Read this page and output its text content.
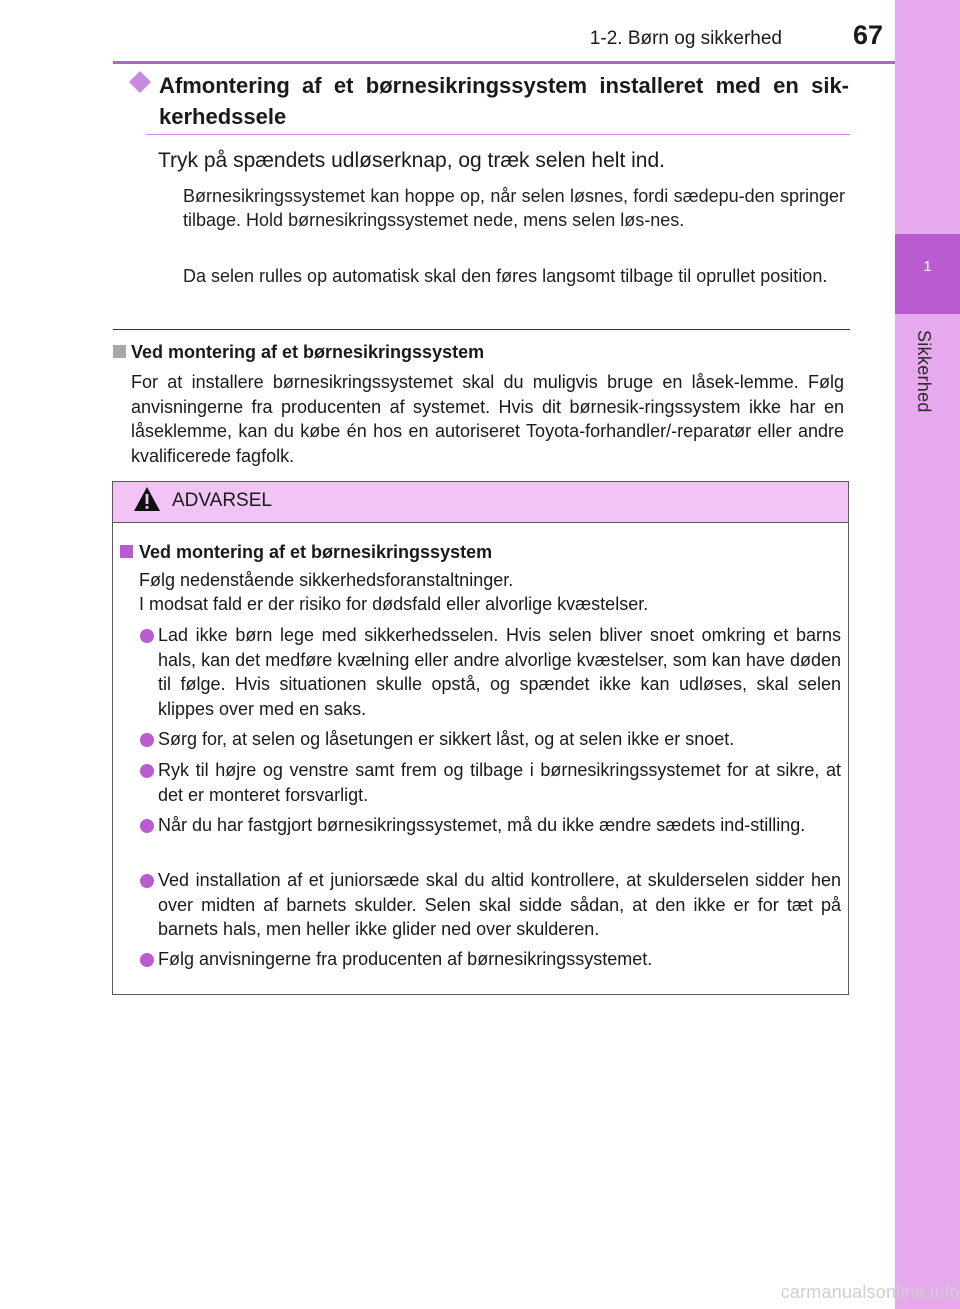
1
Sikkerhed
1-2. Børn og sikkerhed	67
Afmontering af et børnesikringssystem installeret med en sik-kerhedssele
Tryk på spændets udløserknap, og træk selen helt ind.
Børnesikringssystemet kan hoppe op, når selen løsnes, fordi sædepu-den springer tilbage. Hold børnesikringssystemet nede, mens selen løs-nes.
Da selen rulles op automatisk skal den føres langsomt tilbage til oprullet position.
Ved montering af et børnesikringssystem
For at installere børnesikringssystemet skal du muligvis bruge en låsek-lemme. Følg anvisningerne fra producenten af systemet. Hvis dit børnesik-ringssystem ikke har en låseklemme, kan du købe én hos en autoriseret Toyota-forhandler/-reparatør eller andre kvalificerede fagfolk.
ADVARSEL
Ved montering af et børnesikringssystem
Følg nedenstående sikkerhedsforanstaltninger.
I modsat fald er der risiko for dødsfald eller alvorlige kvæstelser.
Lad ikke børn lege med sikkerhedsselen. Hvis selen bliver snoet omkring et barns hals, kan det medføre kvælning eller andre alvorlige kvæstelser, som kan have døden til følge. Hvis situationen skulle opstå, og spændet ikke kan udløses, skal selen klippes over med en saks.
Sørg for, at selen og låsetungen er sikkert låst, og at selen ikke er snoet.
Ryk til højre og venstre samt frem og tilbage i børnesikringssystemet for at sikre, at det er monteret forsvarligt.
Når du har fastgjort børnesikringssystemet, må du ikke ændre sædets ind-stilling.
Ved installation af et juniorsæde skal du altid kontrollere, at skulderselen sidder hen over midten af barnets skulder. Selen skal sidde sådan, at den ikke er for tæt på barnets hals, men heller ikke glider ned over skulderen.
Følg anvisningerne fra producenten af børnesikringssystemet.
carmanualsonline.info
